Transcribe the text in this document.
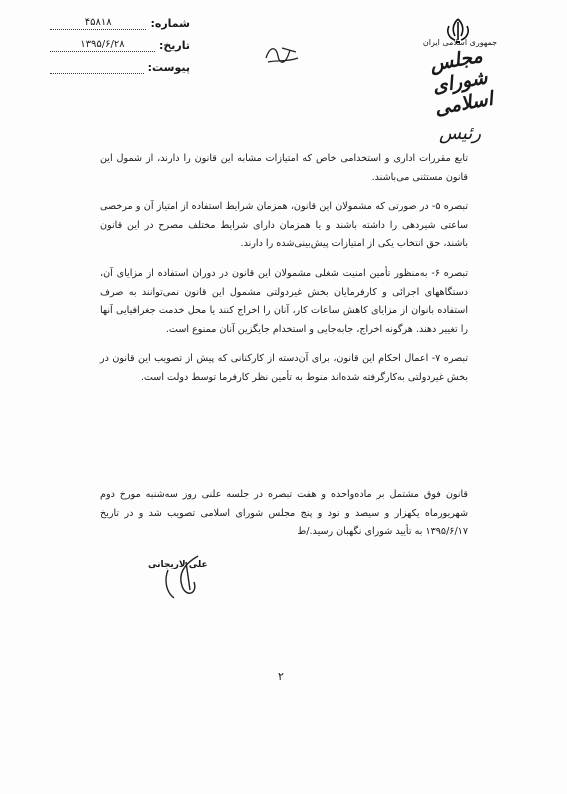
شماره:
۴۵۸۱۸
تاریخ:
۱۳۹۵/۶/۲۸
پیوست:
جمهوری اسلامی ایران
مجلس شورای اسلامی
رئیس

تابع مقررات اداری و استخدامی خاص که امتیازات مشابه این قانون را دارند، از شمول این قانون مستثنی می‌باشند.

تبصره ۵- در صورتی که مشمولان این قانون، همزمان شرایط استفاده از امتیاز آن و مرخصی ساعتی شیردهی را داشته باشند و یا همزمان دارای شرایط مختلف مصرح در این قانون باشند، حق انتخاب یکی از امتیازات پیش‌بینی‌شده را دارند.

تبصره ۶- به‌منظور تأمین امنیت شغلی مشمولان این قانون در دوران استفاده از مزایای آن، دستگاههای اجرائی و کارفرمایان بخش غیردولتی مشمول این قانون نمی‌توانند به صرف استفاده بانوان از مزایای کاهش ساعات کار، آنان را اخراج کنند یا محل خدمت جغرافیایی آنها را تغییر دهند. هرگونه اخراج، جابه‌جایی و استخدام جایگزین آنان ممنوع است.

تبصره ۷- اعمال احکام این قانون، برای آن‌دسته از کارکنانی که پیش از تصویب این قانون در بخش غیردولتی به‌کارگرفته شده‌اند منوط به تأمین نظر کارفرما توسط دولت است.

قانون فوق مشتمل بر ماده‌واحده و هفت تبصره در جلسه علنی روز سه‌شنبه مورخ دوم شهریورماه یکهزار و سیصد و نود و پنج مجلس شورای اسلامی تصویب شد و در تاریخ ۱۳۹۵/۶/۱۷ به تأیید شورای نگهبان رسید./ط

علی لاریجانی
۲
